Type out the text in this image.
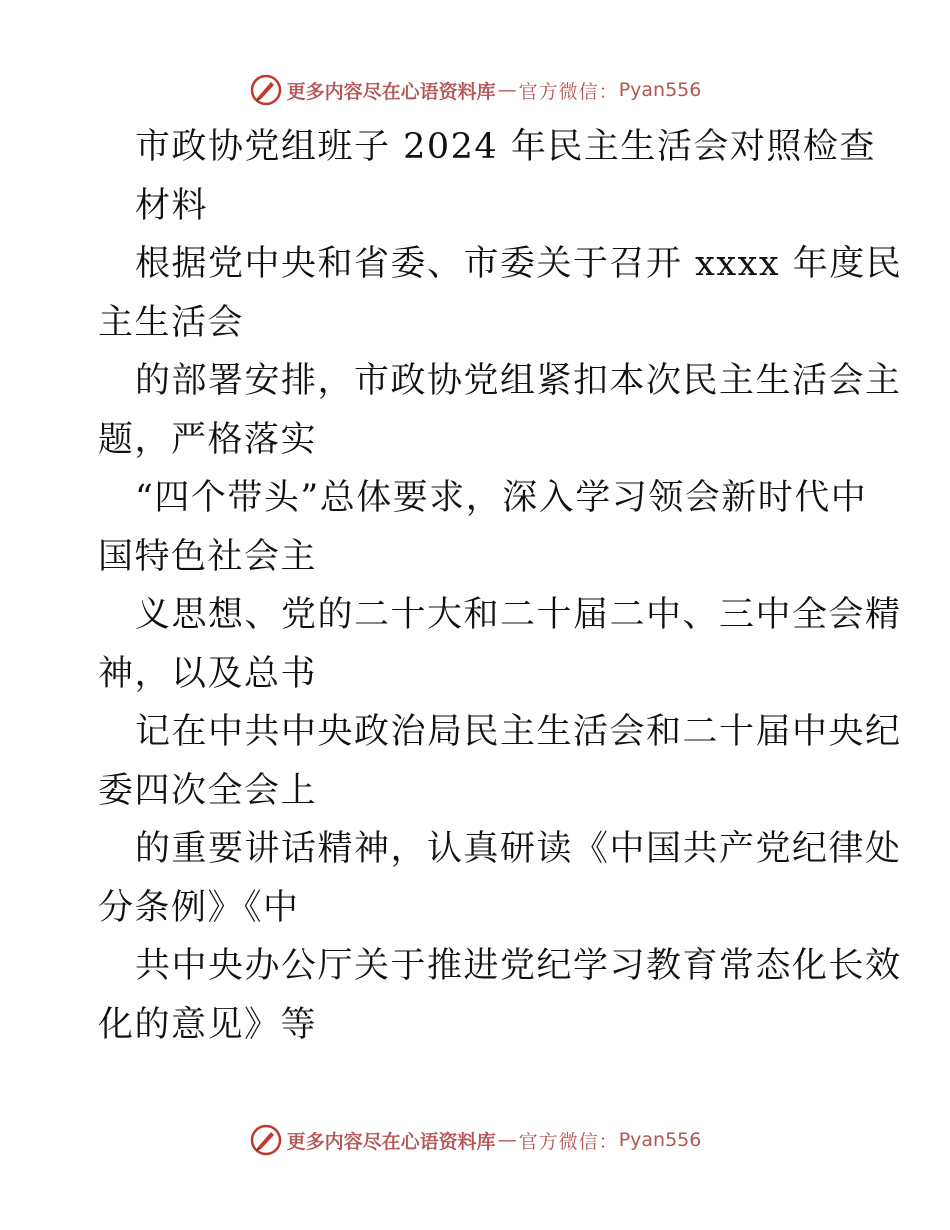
更多内容尽在心语资料库 — 官方微信： Pyan556
市政协党组班子 2024 年民主生活会对照检查
材料
根据党中央和省委、市委关于召开 xxxx 年度民
主生活会
的部署安排，市政协党组紧扣本次民主生活会主
题，严格落实
“四个带头”总体要求，深入学习领会新时代中
国特色社会主
义思想、党的二十大和二十届二中、三中全会精
神，以及总书
记在中共中央政治局民主生活会和二十届中央纪
委四次全会上
的重要讲话精神，认真研读《中国共产党纪律处
分条例》《中
共中央办公厅关于推进党纪学习教育常态化长效
化的意见》等
更多内容尽在心语资料库 — 官方微信： Pyan556
